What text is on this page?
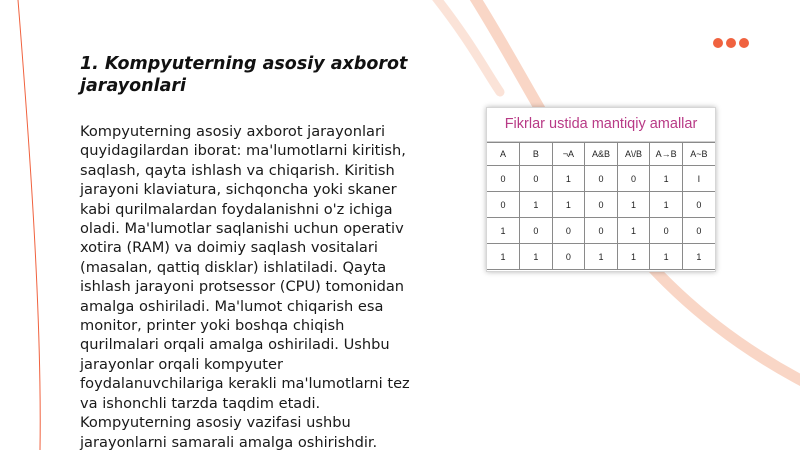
1. Kompyuterning asosiy axborot jarayonlari

Kompyuterning asosiy axborot jarayonlari quyidagilardan iborat: ma'lumotlarni kiritish, saqlash, qayta ishlash va chiqarish. Kiritish jarayoni klaviatura, sichqoncha yoki skaner kabi qurilmalardan foydalanishni o'z ichiga oladi. Ma'lumotlar saqlanishi uchun operativ xotira (RAM) va doimiy saqlash vositalari (masalan, qattiq disklar) ishlatiladi. Qayta ishlash jarayoni protsessor (CPU) tomonidan amalga oshiriladi. Ma'lumot chiqarish esa monitor, printer yoki boshqa chiqish qurilmalari orqali amalga oshiriladi. Ushbu jarayonlar orqali kompyuter foydalanuvchilariga kerakli ma'lumotlarni tez va ishonchli tarzda taqdim etadi. Kompyuterning asosiy vazifasi ushbu jarayonlarni samarali amalga oshirishdir.

Fikrlar ustida mantiqiy amallar
A	B	¬A	A&B	A\/B	A→B	A~B
0	0	1	0	0	1	I
0	1	1	0	1	1	0
1	0	0	0	1	0	0
1	1	0	1	1	1	1
